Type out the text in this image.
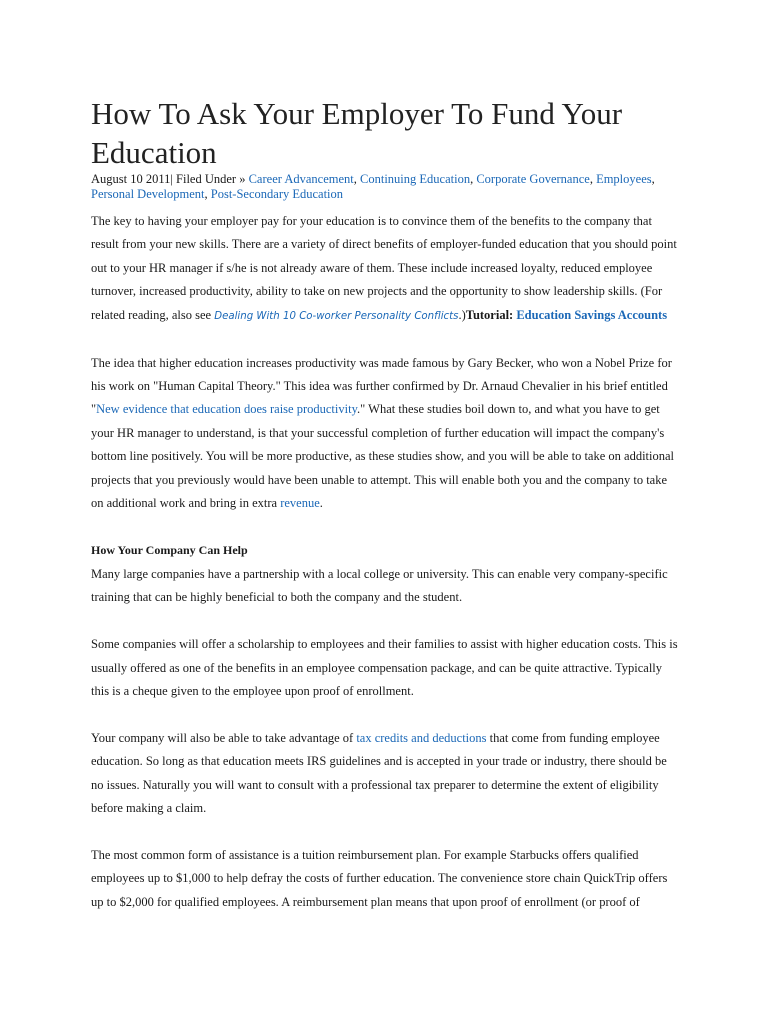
How To Ask Your Employer To Fund Your Education
August 10 2011| Filed Under » Career Advancement, Continuing Education, Corporate Governance, Employees, Personal Development, Post-Secondary Education

The key to having your employer pay for your education is to convince them of the benefits to the company that result from your new skills. There are a variety of direct benefits of employer-funded education that you should point out to your HR manager if s/he is not already aware of them. These include increased loyalty, reduced employee turnover, increased productivity, ability to take on new projects and the opportunity to show leadership skills. (For related reading, also see Dealing With 10 Co-worker Personality Conflicts.)Tutorial: Education Savings Accounts

The idea that higher education increases productivity was made famous by Gary Becker, who won a Nobel Prize for his work on "Human Capital Theory." This idea was further confirmed by Dr. Arnaud Chevalier in his brief entitled "New evidence that education does raise productivity." What these studies boil down to, and what you have to get your HR manager to understand, is that your successful completion of further education will impact the company's bottom line positively. You will be more productive, as these studies show, and you will be able to take on additional projects that you previously would have been unable to attempt. This will enable both you and the company to take on additional work and bring in extra revenue.

How Your Company Can Help

Many large companies have a partnership with a local college or university. This can enable very company-specific training that can be highly beneficial to both the company and the student.

Some companies will offer a scholarship to employees and their families to assist with higher education costs. This is usually offered as one of the benefits in an employee compensation package, and can be quite attractive. Typically this is a cheque given to the employee upon proof of enrollment.

Your company will also be able to take advantage of tax credits and deductions that come from funding employee education. So long as that education meets IRS guidelines and is accepted in your trade or industry, there should be no issues. Naturally you will want to consult with a professional tax preparer to determine the extent of eligibility before making a claim.

The most common form of assistance is a tuition reimbursement plan. For example Starbucks offers qualified employees up to $1,000 to help defray the costs of further education. The convenience store chain QuickTrip offers up to $2,000 for qualified employees. A reimbursement plan means that upon proof of enrollment (or proof of
